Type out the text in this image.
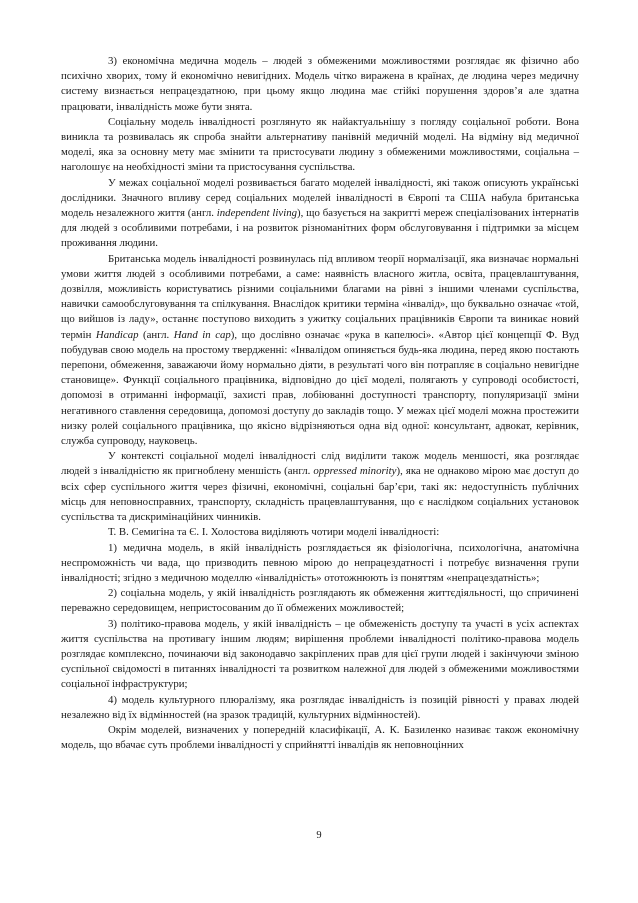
3) економічна медична модель – людей з обмеженими можливостями розглядає як фізично або психічно хворих, тому й економічно невигідних. Модель чітко виражена в країнах, де людина через медичну систему визнається непрацездатною, при цьому якщо людина має стійкі порушення здоров’я але здатна працювати, інвалідність може бути знята.

Соціальну модель інвалідності розглянуто як найактуальнішу з погляду соціальної роботи. Вона виникла та розвивалась як спроба знайти альтернативу панівній медичній моделі. На відміну від медичної моделі, яка за основну мету має змінити та пристосувати людину з обмеженими можливостями, соціальна – наголошує на необхідності зміни та пристосування суспільства.

У межах соціальної моделі розвивається багато моделей інвалідності, які також описують українські дослідники. Значного впливу серед соціальних моделей інвалідності в Європі та США набула британська модель незалежного життя (англ. independent living), що базується на закритті мереж спеціалізованих інтернатів для людей з особливими потребами, і на розвиток різноманітних форм обслуговування і підтримки за місцем проживання людини.

Британська модель інвалідності розвинулась під впливом теорії нормалізації, яка визначає нормальні умови життя людей з особливими потребами, а саме: наявність власного житла, освіта, працевлаштування, дозвілля, можливість користуватись різними соціальними благами на рівні з іншими членами суспільства, навички самообслуговування та спілкування. Внаслідок критики терміна «інвалід», що буквально означає «той, що вийшов із ладу», останнє поступово виходить з ужитку соціальних працівників Європи та виникає новий термін Handicap (англ. Hand in cap), що дослівно означає «рука в капелюсі». «Автор цієї концепції Ф. Вуд побудував свою модель на простому твердженні: «Інвалідом опиняється будь-яка людина, перед якою постають перепони, обмеження, заважаючи йому нормально діяти, в результаті чого він потрапляє в соціально невигідне становище». Функції соціального працівника, відповідно до цієї моделі, полягають у супроводі особистості, допомозі в отриманні інформації, захисті прав, лобіюванні доступності транспорту, популяризації зміни негативного ставлення середовища, допомозі доступу до закладів тощо. У межах цієї моделі можна простежити низку ролей соціального працівника, що якісно відрізняються одна від одної: консультант, адвокат, керівник, служба супроводу, науковець.

У контексті соціальної моделі інвалідності слід виділити також модель меншості, яка розглядає людей з інвалідністю як пригноблену меншість (англ. oppressed minority), яка не однаково мірою має доступ до всіх сфер суспільного життя через фізичні, економічні, соціальні бар’єри, такі як: недоступність публічних місць для неповносправних, транспорту, складність працевлаштування, що є наслідком соціальних установок суспільства та дискримінаційних чинників.

Т. В. Семигіна та Є. І. Холостова виділяють чотири моделі інвалідності:

1) медична модель, в якій інвалідність розглядається як фізіологічна, психологічна, анатомічна неспроможність чи вада, що призводить певною мірою до непрацездатності і потребує визначення групи інвалідності; згідно з медичною моделлю «інвалідність» ототожнюють із поняттям «непрацездатність»;

2) соціальна модель, у якій інвалідність розглядають як обмеження життєдіяльності, що спричинені переважно середовищем, непристосованим до її обмежених можливостей;

3) політико-правова модель, у якій інвалідність – це обмеженість доступу та участі в усіх аспектах життя суспільства на противагу іншим людям; вирішення проблеми інвалідності політико-правова модель розглядає комплексно, починаючи від законодавчо закріплених прав для цієї групи людей і закінчуючи зміною суспільної свідомості в питаннях інвалідності та розвитком належної для людей з обмеженими можливостями соціальної інфраструктури;

4) модель культурного плюралізму, яка розглядає інвалідність із позицій рівності у правах людей незалежно від їх відмінностей (на зразок традицій, культурних відмінностей).

Окрім моделей, визначених у попередній класифікації, А. К. Базиленко називає також економічну модель, що вбачає суть проблеми інвалідності у сприйнятті інвалідів як неповноцінних

9
